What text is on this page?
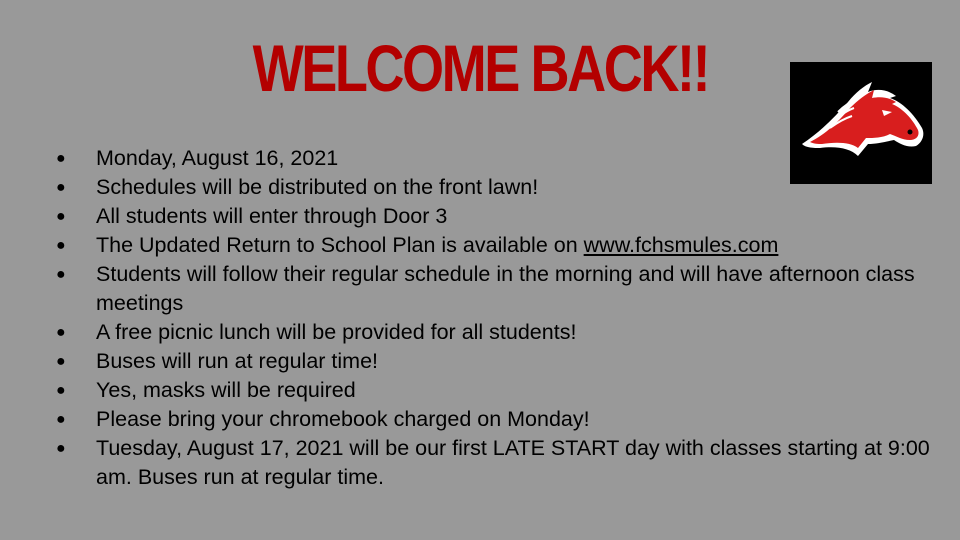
WELCOME BACK!!
● Monday, August 16, 2021
● Schedules will be distributed on the front lawn!
● All students will enter through Door 3
● The Updated Return to School Plan is available on www.fchsmules.com
● Students will follow their regular schedule in the morning and will have afternoon class meetings
● A free picnic lunch will be provided for all students!
● Buses will run at regular time!
● Yes, masks will be required
● Please bring your chromebook charged on Monday!
● Tuesday, August 17, 2021 will be our first LATE START day with classes starting at 9:00 am. Buses run at regular time.
